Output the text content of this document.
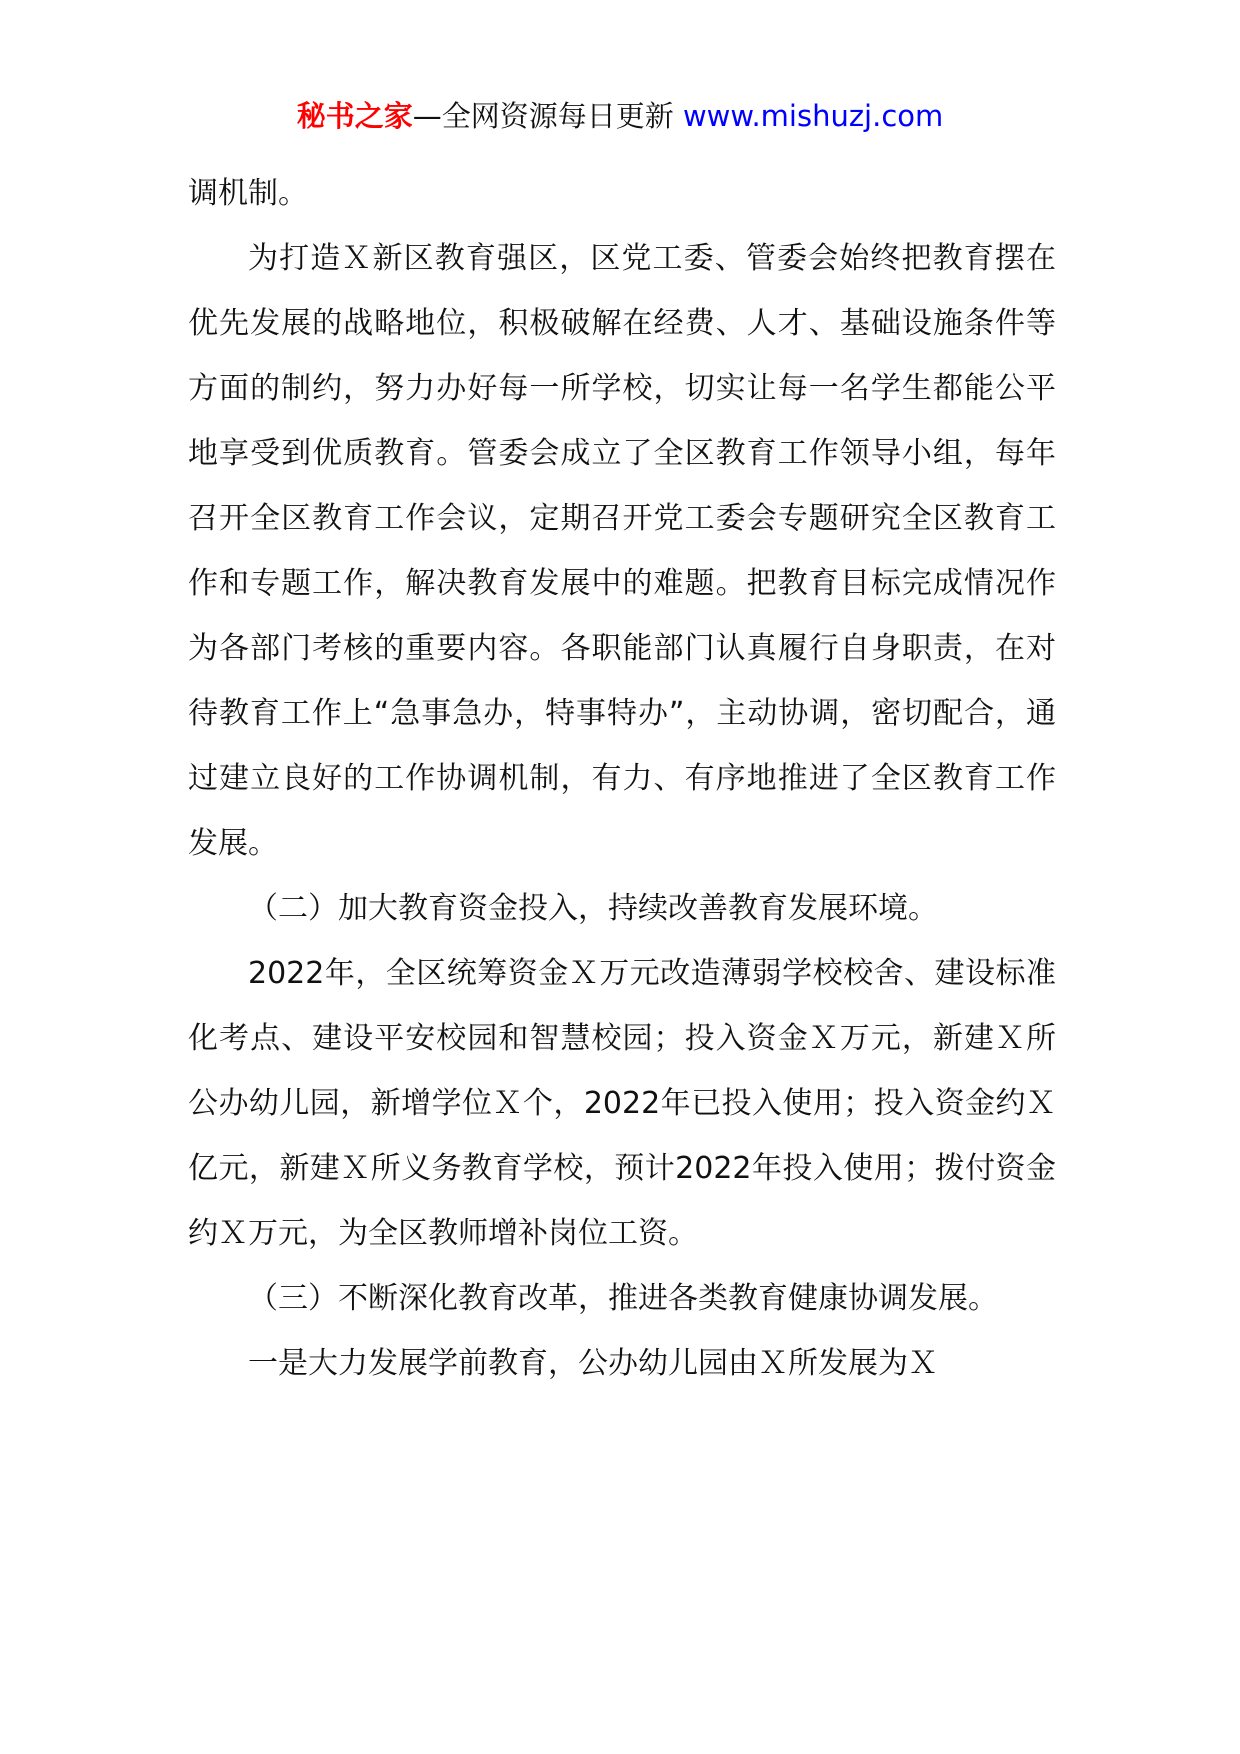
秘书之家—全网资源每日更新 www.mishuzj.com

调机制。

为打造Ｘ新区教育强区，区党工委、管委会始终把教育摆在优先发展的战略地位，积极破解在经费、人才、基础设施条件等方面的制约，努力办好每一所学校，切实让每一名学生都能公平地享受到优质教育。管委会成立了全区教育工作领导小组，每年召开全区教育工作会议，定期召开党工委会专题研究全区教育工作和专题工作，解决教育发展中的难题。把教育目标完成情况作为各部门考核的重要内容。各职能部门认真履行自身职责，在对待教育工作上“急事急办，特事特办”，主动协调，密切配合，通过建立良好的工作协调机制，有力、有序地推进了全区教育工作发展。

（二）加大教育资金投入，持续改善教育发展环境。

2022年，全区统筹资金Ｘ万元改造薄弱学校校舍、建设标准化考点、建设平安校园和智慧校园；投入资金Ｘ万元，新建Ｘ所公办幼儿园，新增学位Ｘ个，2022年已投入使用；投入资金约Ｘ亿元，新建Ｘ所义务教育学校，预计2022年投入使用；拨付资金约Ｘ万元，为全区教师增补岗位工资。

（三）不断深化教育改革，推进各类教育健康协调发展。

一是大力发展学前教育，公办幼儿园由Ｘ所发展为Ｘ
